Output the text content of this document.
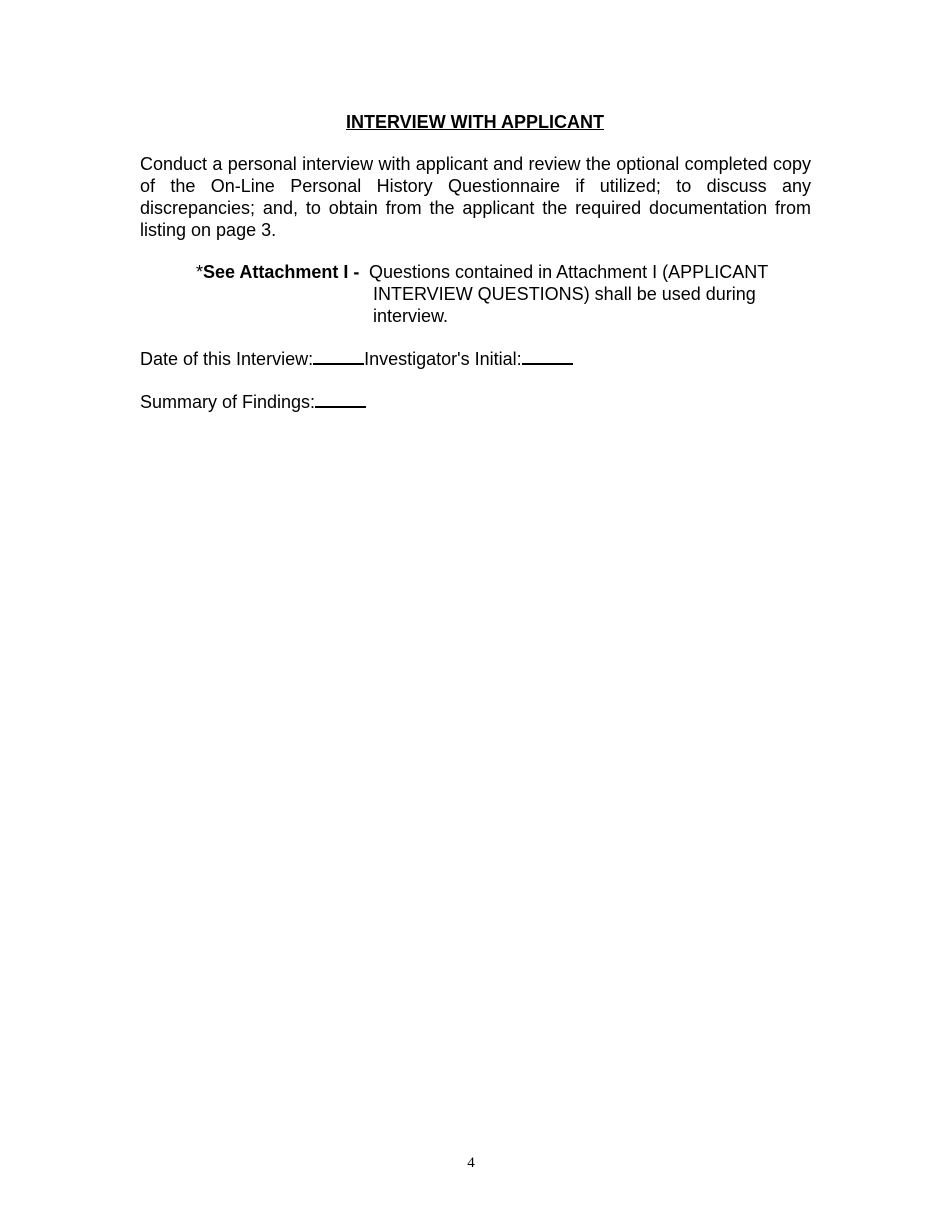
INTERVIEW WITH APPLICANT
Conduct a personal interview with applicant and review the optional completed copy of the On-Line Personal History Questionnaire if utilized; to discuss any discrepancies; and, to obtain from the applicant the required documentation from listing on page 3.
*See Attachment I - Questions contained in Attachment I (APPLICANT INTERVIEW QUESTIONS) shall be used during interview.
Date of this Interview:	Investigator's Initial:
Summary of Findings:
4
